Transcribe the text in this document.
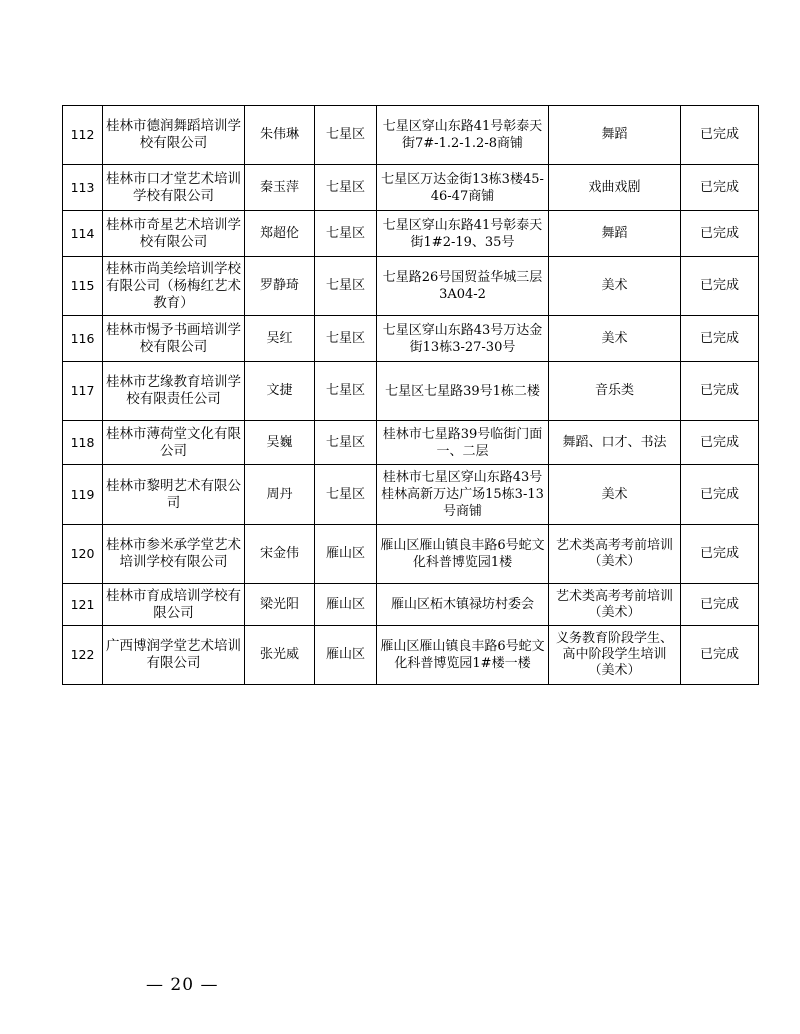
112	桂林市德润舞蹈培训学校有限公司	朱伟琳	七星区	七星区穿山东路41号彰泰天街7#-1.2-1.2-8商铺	舞蹈	已完成
113	桂林市口才堂艺术培训学校有限公司	秦玉萍	七星区	七星区万达金街13栋3楼45-46-47商铺	戏曲戏剧	已完成
114	桂林市奇星艺术培训学校有限公司	郑超伦	七星区	七星区穿山东路41号彰泰天街1#2-19、35号	舞蹈	已完成
115	桂林市尚美绘培训学校有限公司（杨梅红艺术教育）	罗静琦	七星区	七星路26号国贸益华城三层3A04-2	美术	已完成
116	桂林市惕予书画培训学校有限公司	吴红	七星区	七星区穿山东路43号万达金街13栋3-27-30号	美术	已完成
117	桂林市艺缘教育培训学校有限责任公司	文捷	七星区	七星区七星路39号1栋二楼	音乐类	已完成
118	桂林市薄荷堂文化有限公司	吴巍	七星区	桂林市七星路39号临街门面一、二层	舞蹈、口才、书法	已完成
119	桂林市黎明艺术有限公司	周丹	七星区	桂林市七星区穿山东路43号桂林高新万达广场15栋3-13号商铺	美术	已完成
120	桂林市参米承学堂艺术培训学校有限公司	宋金伟	雁山区	雁山区雁山镇良丰路6号蛇文化科普博览园1楼	艺术类高考考前培训（美术）	已完成
121	桂林市育成培训学校有限公司	梁光阳	雁山区	雁山区柘木镇禄坊村委会	艺术类高考考前培训（美术）	已完成
122	广西博润学堂艺术培训有限公司	张光威	雁山区	雁山区雁山镇良丰路6号蛇文化科普博览园1#楼一楼	义务教育阶段学生、高中阶段学生培训（美术）	已完成
— 20 —
